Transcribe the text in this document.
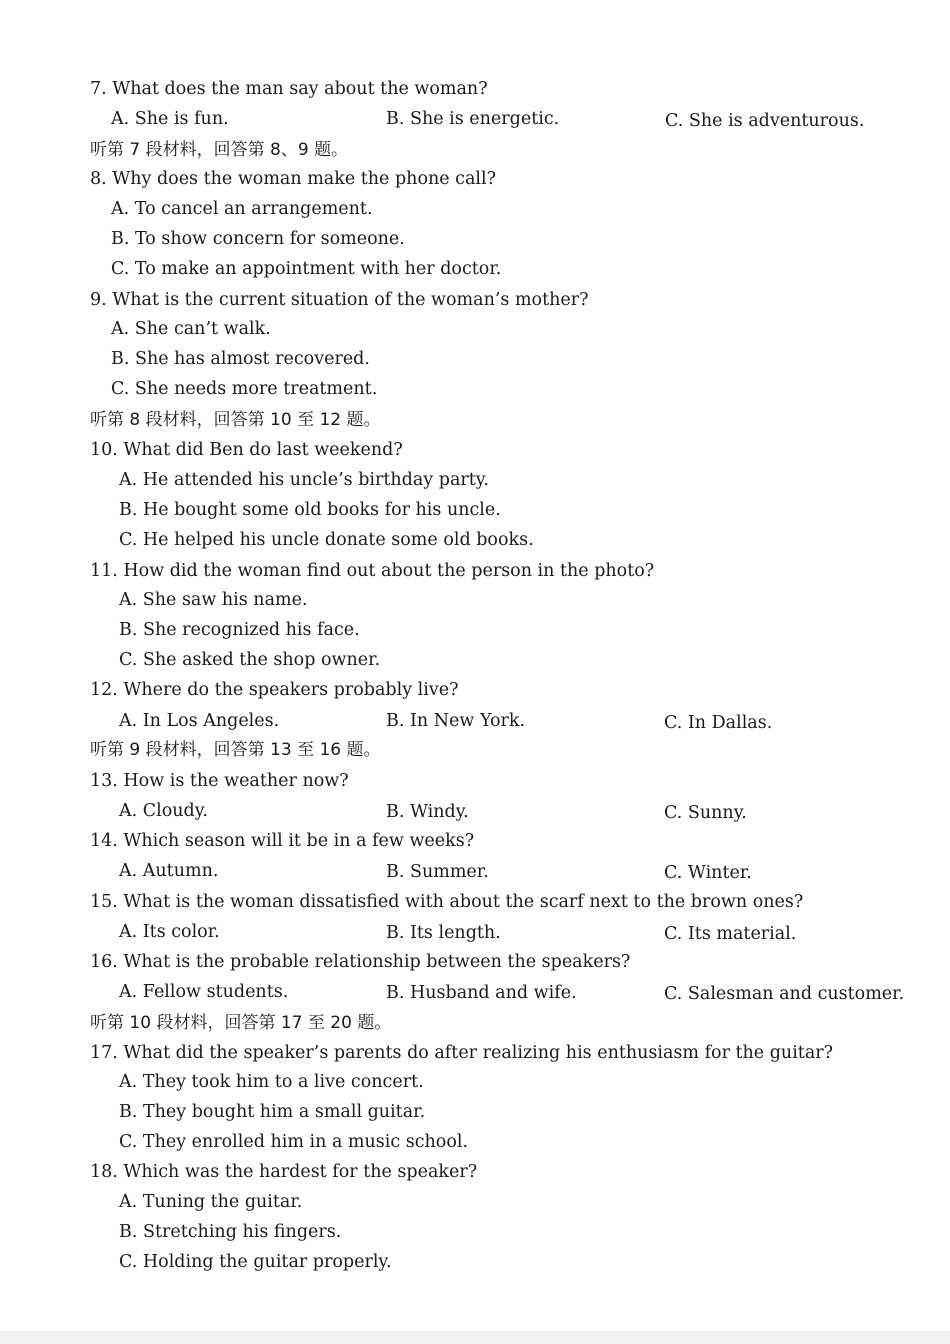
7. What does the man say about the woman?
A. She is fun.	B. She is energetic.	C. She is adventurous.
听第 7 段材料，回答第 8、9 题。
8. Why does the woman make the phone call?
A. To cancel an arrangement.
B. To show concern for someone.
C. To make an appointment with her doctor.
9. What is the current situation of the woman’s mother?
A. She can’t walk.
B. She has almost recovered.
C. She needs more treatment.
听第 8 段材料，回答第 10 至 12 题。
10. What did Ben do last weekend?
A. He attended his uncle’s birthday party.
B. He bought some old books for his uncle.
C. He helped his uncle donate some old books.
11. How did the woman find out about the person in the photo?
A. She saw his name.
B. She recognized his face.
C. She asked the shop owner.
12. Where do the speakers probably live?
A. In Los Angeles.	B. In New York.	C. In Dallas.
听第 9 段材料，回答第 13 至 16 题。
13. How is the weather now?
A. Cloudy.	B. Windy.	C. Sunny.
14. Which season will it be in a few weeks?
A. Autumn.	B. Summer.	C. Winter.
15. What is the woman dissatisfied with about the scarf next to the brown ones?
A. Its color.	B. Its length.	C. Its material.
16. What is the probable relationship between the speakers?
A. Fellow students.	B. Husband and wife.	C. Salesman and customer.
听第 10 段材料，回答第 17 至 20 题。
17. What did the speaker’s parents do after realizing his enthusiasm for the guitar?
A. They took him to a live concert.
B. They bought him a small guitar.
C. They enrolled him in a music school.
18. Which was the hardest for the speaker?
A. Tuning the guitar.
B. Stretching his fingers.
C. Holding the guitar properly.
